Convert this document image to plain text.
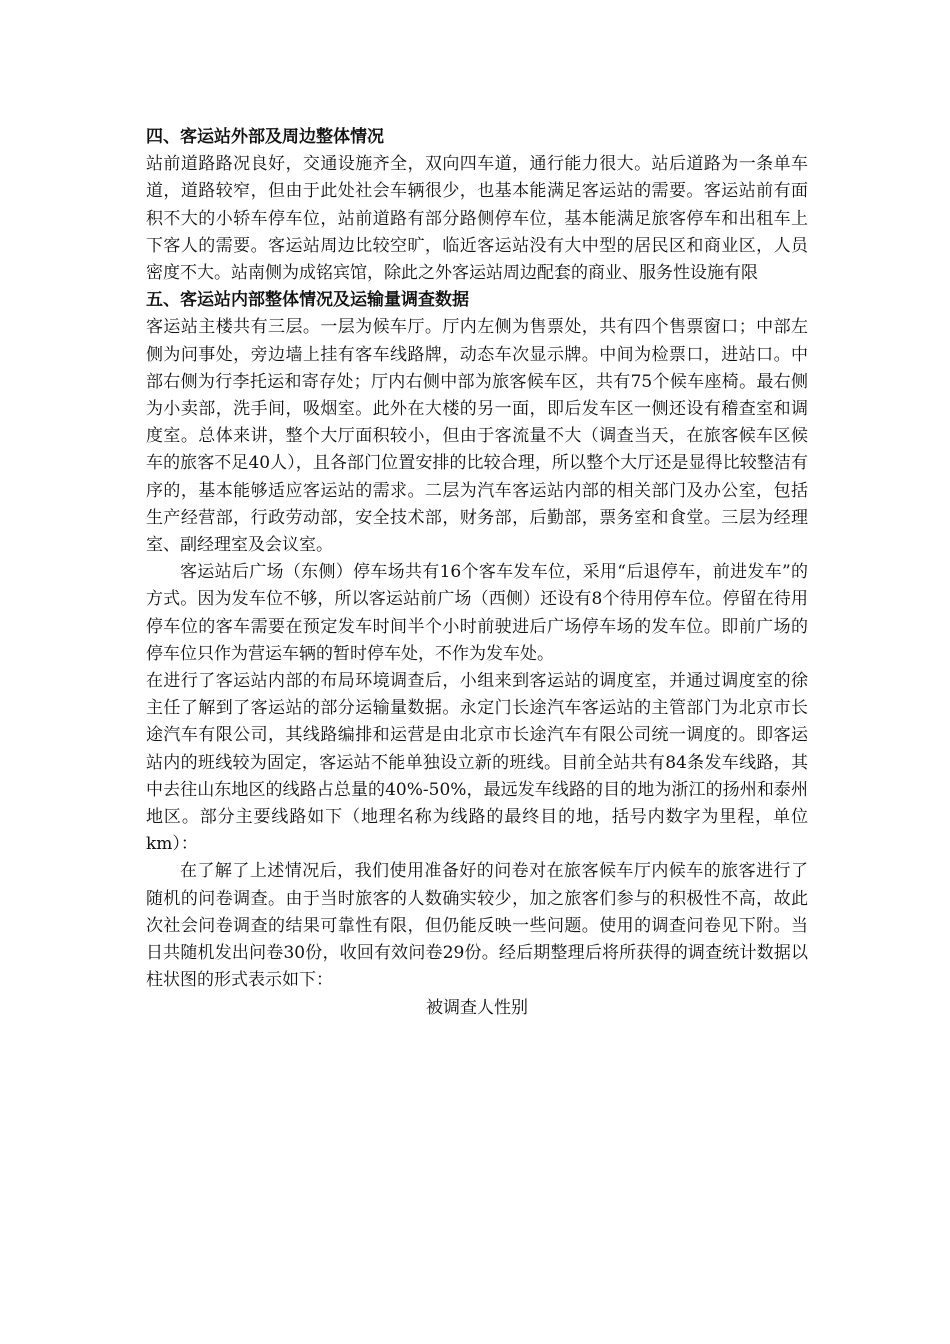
四、客运站外部及周边整体情况

站前道路路况良好，交通设施齐全，双向四车道，通行能力很大。站后道路为一条单车道，道路较窄，但由于此处社会车辆很少，也基本能满足客运站的需要。客运站前有面积不大的小轿车停车位，站前道路有部分路侧停车位，基本能满足旅客停车和出租车上下客人的需要。客运站周边比较空旷，临近客运站没有大中型的居民区和商业区，人员密度不大。站南侧为成铭宾馆，除此之外客运站周边配套的商业、服务性设施有限

五、客运站内部整体情况及运输量调查数据

客运站主楼共有三层。一层为候车厅。厅内左侧为售票处，共有四个售票窗口；中部左侧为问事处，旁边墙上挂有客车线路牌，动态车次显示牌。中间为检票口，进站口。中部右侧为行李托运和寄存处；厅内右侧中部为旅客候车区，共有75个候车座椅。最右侧为小卖部，洗手间，吸烟室。此外在大楼的另一面，即后发车区一侧还设有稽查室和调度室。总体来讲，整个大厅面积较小，但由于客流量不大（调查当天，在旅客候车区候车的旅客不足40人），且各部门位置安排的比较合理，所以整个大厅还是显得比较整洁有序的，基本能够适应客运站的需求。二层为汽车客运站内部的相关部门及办公室，包括生产经营部，行政劳动部，安全技术部，财务部，后勤部，票务室和食堂。三层为经理室、副经理室及会议室。

客运站后广场（东侧）停车场共有16个客车发车位，采用“后退停车，前进发车”的方式。因为发车位不够，所以客运站前广场（西侧）还设有8个待用停车位。停留在待用停车位的客车需要在预定发车时间半个小时前驶进后广场停车场的发车位。即前广场的停车位只作为营运车辆的暂时停车处，不作为发车处。

在进行了客运站内部的布局环境调查后，小组来到客运站的调度室，并通过调度室的徐主任了解到了客运站的部分运输量数据。永定门长途汽车客运站的主管部门为北京市长途汽车有限公司，其线路编排和运营是由北京市长途汽车有限公司统一调度的。即客运站内的班线较为固定，客运站不能单独设立新的班线。目前全站共有84条发车线路，其中去往山东地区的线路占总量的40%-50%，最远发车线路的目的地为浙江的扬州和泰州地区。部分主要线路如下（地理名称为线路的最终目的地，括号内数字为里程，单位km）：

在了解了上述情况后，我们使用准备好的问卷对在旅客候车厅内候车的旅客进行了随机的问卷调查。由于当时旅客的人数确实较少，加之旅客们参与的积极性不高，故此次社会问卷调查的结果可靠性有限，但仍能反映一些问题。使用的调查问卷见下附。当日共随机发出问卷30份，收回有效问卷29份。经后期整理后将所获得的调查统计数据以柱状图的形式表示如下：

被调查人性别
